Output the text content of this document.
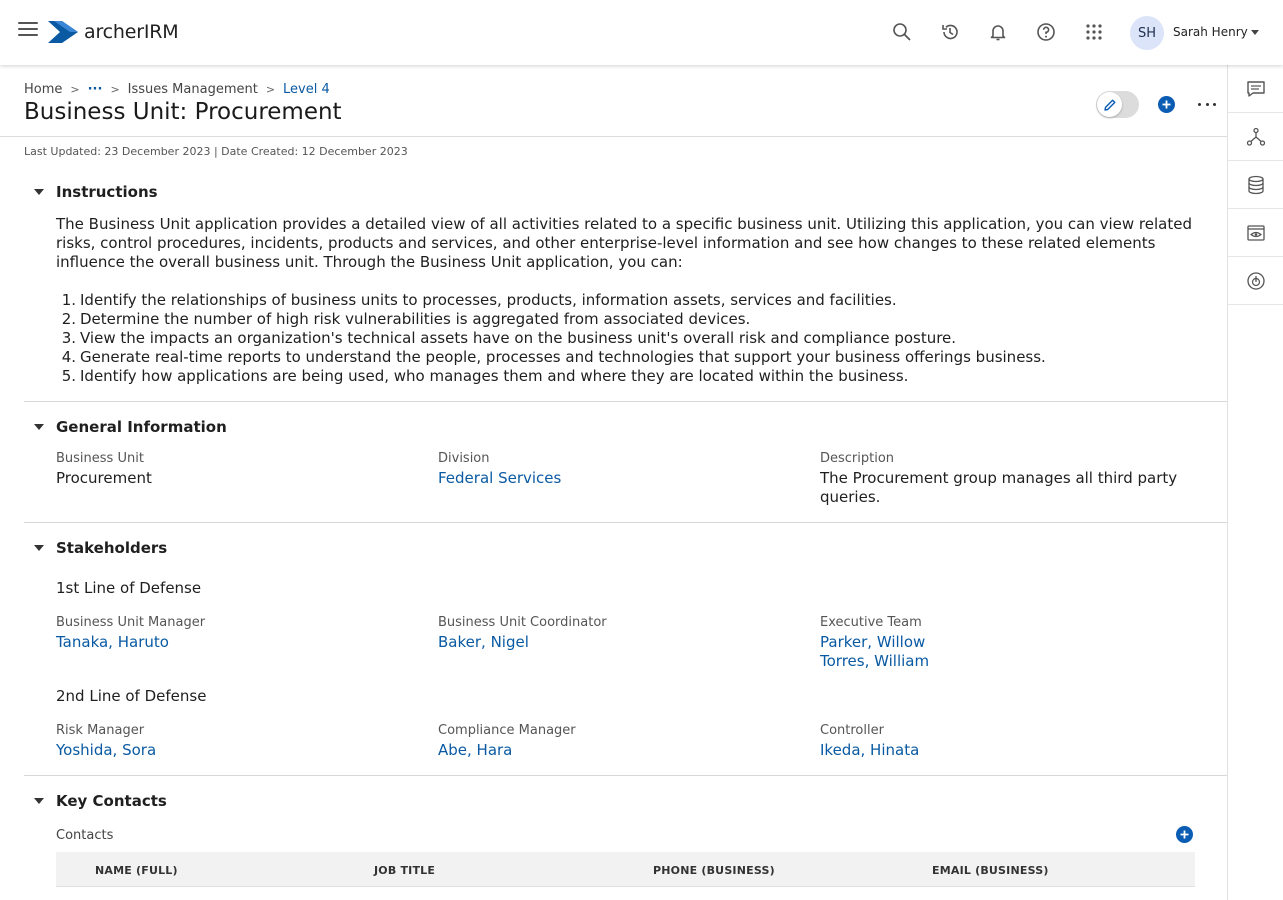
archerIRM	SH	Sarah Henry
Home > ··· > Issues Management > Level 4
Business Unit: Procurement
Last Updated: 23 December 2023 | Date Created: 12 December 2023
Instructions
The Business Unit application provides a detailed view of all activities related to a specific business unit. Utilizing this application, you can view related risks, control procedures, incidents, products and services, and other enterprise-level information and see how changes to these related elements influence the overall business unit. Through the Business Unit application, you can:
1. Identify the relationships of business units to processes, products, information assets, services and facilities.
2. Determine the number of high risk vulnerabilities is aggregated from associated devices.
3. View the impacts an organization's technical assets have on the business unit's overall risk and compliance posture.
4. Generate real-time reports to understand the people, processes and technologies that support your business offerings business.
5. Identify how applications are being used, who manages them and where they are located within the business.
General Information
Business Unit
Procurement
Division
Federal Services
Description
The Procurement group manages all third party queries.
Stakeholders
1st Line of Defense
Business Unit Manager
Tanaka, Haruto
Business Unit Coordinator
Baker, Nigel
Executive Team
Parker, Willow
Torres, William
2nd Line of Defense
Risk Manager
Yoshida, Sora
Compliance Manager
Abe, Hara
Controller
Ikeda, Hinata
Key Contacts
Contacts
NAME (FULL)	JOB TITLE	PHONE (BUSINESS)	EMAIL (BUSINESS)
